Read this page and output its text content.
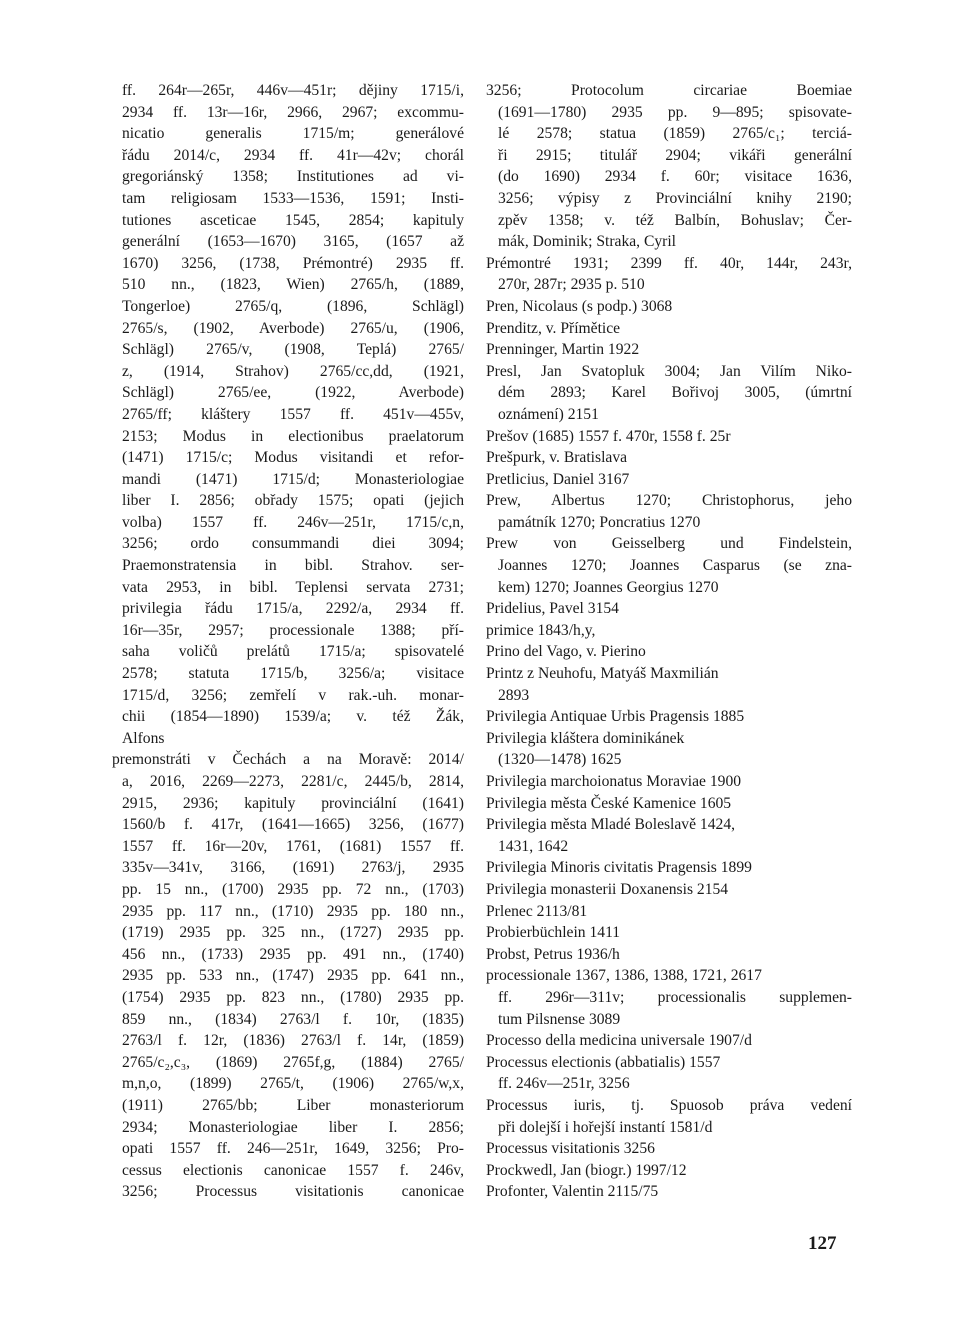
ff. 264r—265r, 446v—451r; dějiny 1715/i,
2934 ff. 13r—16r, 2966, 2967; excommu-
nicatio generalis 1715/m; generálové
řádu 2014/c, 2934 ff. 41r—42v; chorál
gregoriánský 1358; Institutiones ad vi-
tam religiosam 1533—1536, 1591; Insti-
tutiones asceticae 1545, 2854; kapituly
generální (1653—1670) 3165, (1657 až
1670) 3256, (1738, Prémontré) 2935 ff.
510 nn., (1823, Wien) 2765/h, (1889,
Tongerloe) 2765/q, (1896, Schlägl)
2765/s, (1902, Averbode) 2765/u, (1906,
Schlägl) 2765/v, (1908, Teplá) 2765/
z, (1914, Strahov) 2765/cc,dd, (1921,
Schlägl) 2765/ee, (1922, Averbode)
2765/ff; kláštery 1557 ff. 451v—455v,
2153; Modus in electionibus praelatorum
(1471) 1715/c; Modus visitandi et refor-
mandi (1471) 1715/d; Monasteriologiae
liber I. 2856; obřady 1575; opati (jejich
volba) 1557 ff. 246v—251r, 1715/c,n,
3256; ordo consummandi diei 3094;
Praemonstratensia in bibl. Strahov. ser-
vata 2953, in bibl. Teplensi servata 2731;
privilegia řádu 1715/a, 2292/a, 2934 ff.
16r—35r, 2957; processionale 1388; pří-
saha voličů prelátů 1715/a; spisovatelé
2578; statuta 1715/b, 3256/a; visitace
1715/d, 3256; zemřelí v rak.-uh. monar-
chii (1854—1890) 1539/a; v. též Žák,
Alfons
premonstráti v Čechách a na Moravě: 2014/
a, 2016, 2269—2273, 2281/c, 2445/b, 2814,
2915, 2936; kapituly provinciální (1641)
1560/b f. 417r, (1641—1665) 3256, (1677)
1557 ff. 16r—20v, 1761, (1681) 1557 ff.
335v—341v, 3166, (1691) 2763/j, 2935
pp. 15 nn., (1700) 2935 pp. 72 nn., (1703)
2935 pp. 117 nn., (1710) 2935 pp. 180 nn.,
(1719) 2935 pp. 325 nn., (1727) 2935 pp.
456 nn., (1733) 2935 pp. 491 nn., (1740)
2935 pp. 533 nn., (1747) 2935 pp. 641 nn.,
(1754) 2935 pp. 823 nn., (1780) 2935 pp.
859 nn., (1834) 2763/l f. 10r, (1835)
2763/l f. 12r, (1836) 2763/l f. 14r, (1859)
2765/c₂,c₃, (1869) 2765f,g, (1884) 2765/
m,n,o, (1899) 2765/t, (1906) 2765/w,x,
(1911) 2765/bb; Liber monasteriorum
2934; Monasteriologiae liber I. 2856;
opati 1557 ff. 246—251r, 1649, 3256; Pro-
cessus electionis canonicae 1557 f. 246v,
3256; Processus visitationis canonicae
3256; Protocolum circariae Boemiae
(1691—1780) 2935 pp. 9—895; spisovate-
lé 2578; statua (1859) 2765/c₁; terciá-
ři 2915; titulář 2904; vikáři generální
(do 1690) 2934 f. 60r; visitace 1636,
3256; výpisy z Provinciální knihy 2190;
zpěv 1358; v. též Balbín, Bohuslav; Čer-
mák, Dominik; Straka, Cyril
Prémontré 1931; 2399 ff. 40r, 144r, 243r,
270r, 287r; 2935 p. 510
Pren, Nicolaus (s podp.) 3068
Prenditz, v. Přímětice
Prenninger, Martin 1922
Presl, Jan Svatopluk 3004; Jan Vilím Niko-
dém 2893; Karel Bořivoj 3005, (úmrtní
oznámení) 2151
Prešov (1685) 1557 f. 470r, 1558 f. 25r
Prešpurk, v. Bratislava
Pretlicius, Daniel 3167
Prew, Albertus 1270; Christophorus, jeho
památník 1270; Poncratius 1270
Prew von Geisselberg und Findelstein,
Joannes 1270; Joannes Casparus (se zna-
kem) 1270; Joannes Georgius 1270
Pridelius, Pavel 3154
primice 1843/h,y,
Prino del Vago, v. Pierino
Printz z Neuhofu, Matyáš Maxmilián
2893
Privilegia Antiquae Urbis Pragensis 1885
Privilegia kláštera dominikánek
(1320—1478) 1625
Privilegia marchoionatus Moraviae 1900
Privilegia města České Kamenice 1605
Privilegia města Mladé Boleslavě 1424,
1431, 1642
Privilegia Minoris civitatis Pragensis 1899
Privilegia monasterii Doxanensis 2154
Prlenec 2113/81
Probierbüchlein 1411
Probst, Petrus 1936/h
processionale 1367, 1386, 1388, 1721, 2617
ff. 296r—311v; processionalis supplemen-
tum Pilsnense 3089
Processo della medicina universale 1907/d
Processus electionis (abbatialis) 1557
ff. 246v—251r, 3256
Processus iuris, tj. Spuosob práva vedení
při dolejší i hořejší instantí 1581/d
Processus visitationis 3256
Prockwedl, Jan (biogr.) 1997/12
Profonter, Valentin 2115/75
127
